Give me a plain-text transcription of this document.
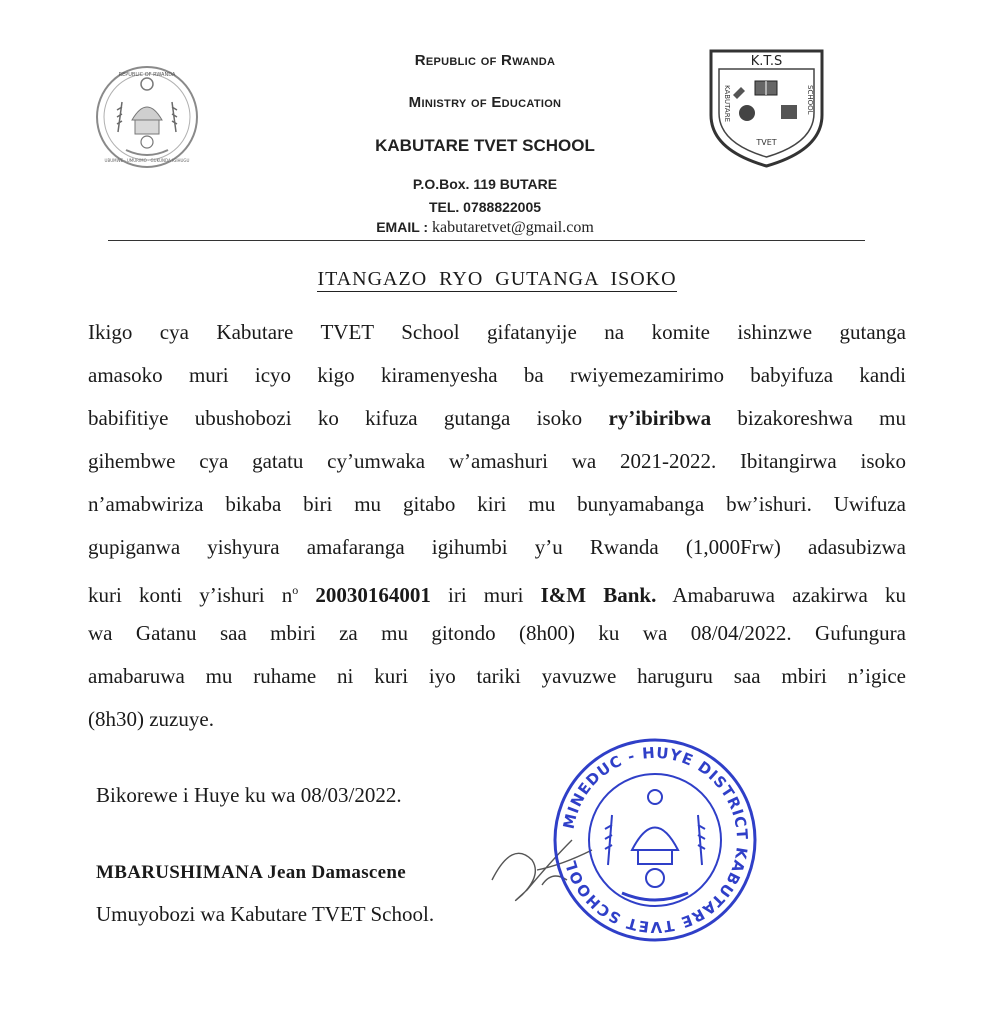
REPUBLIC OF RWANDA
UBUMWE · UMURIMO · GUKUNDA IGIHUGU
Republic of Rwanda
Ministry of Education
KABUTARE TVET SCHOOL
P.O.Box. 119 BUTARE
TEL. 0788822005
EMAIL : kabutaretvet@gmail.com
K.T.S
KABUTARE	SCHOOL
TVET
ITANGAZO RYO GUTANGA ISOKO
Ikigo cya Kabutare TVET School gifatanyije na komite ishinzwe gutanga
amasoko muri icyo kigo kiramenyesha ba rwiyemezamirimo babyifuza kandi
babifitiye ubushobozi ko kifuza gutanga isoko ry’ibiribwa bizakoreshwa mu
gihembwe cya gatatu cy’umwaka w’amashuri wa 2021-2022. Ibitangirwa isoko
n’amabwiriza bikaba biri mu gitabo kiri mu bunyamabanga bw’ishuri. Uwifuza
gupiganwa yishyura amafaranga igihumbi y’u Rwanda (1,000Frw) adasubizwa
kuri konti y’ishuri $n^o$ 20030164001 iri muri I&M Bank. Amabaruwa azakirwa ku
wa Gatanu saa mbiri za mu gitondo (8h00) ku wa 08/04/2022. Gufungura
amabaruwa mu ruhame ni kuri iyo tariki yavuzwe haruguru saa mbiri n’igice
(8h30) zuzuye.
Bikorewe i Huye ku wa 08/03/2022.
MBARUSHIMANA Jean Damascene
Umuyobozi wa Kabutare TVET School.
MINEDUC - HUYE DISTRICT KABUTARE TVET SCHOOL
